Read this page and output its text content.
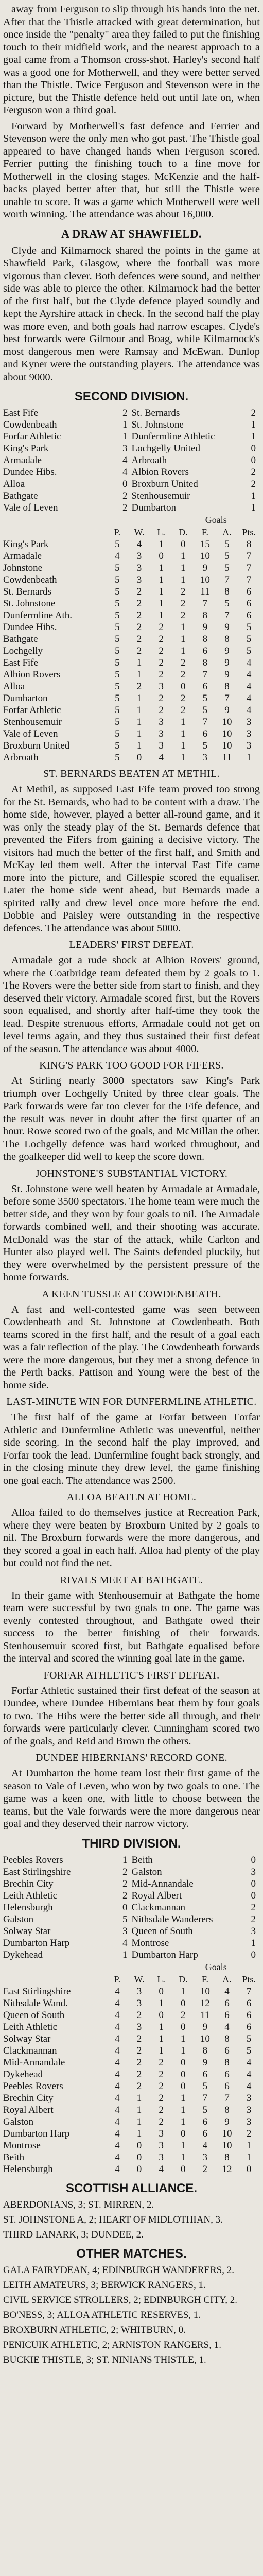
away from Ferguson to slip through his hands into the net. After that the Thistle attacked with great determination, but once inside the "penalty" area they failed to put the finishing touch to their midfield work, and the nearest approach to a goal came from a Thomson cross-shot. Harley's second half was a good one for Motherwell, and they were better served than the Thistle. Twice Ferguson and Stevenson were in the picture, but the Thistle defence held out until late on, when Ferguson won a third goal.

Forward by Motherwell's fast defence and Ferrier and Stevenson were the only men who got past. The Thistle goal appeared to have changed hands when Ferguson scored. Ferrier putting the finishing touch to a fine move for Motherwell in the closing stages. McKenzie and the half-backs played better after that, but still the Thistle were unable to score. It was a game which Motherwell were well worth winning. The attendance was about 16,000.

A DRAW AT SHAWFIELD.

Clyde and Kilmarnock shared the points in the game at Shawfield Park, Glasgow, where the football was more vigorous than clever. Both defences were sound, and neither side was able to pierce the other. Kilmarnock had the better of the first half, but the Clyde defence played soundly and kept the Ayrshire attack in check. In the second half the play was more even, and both goals had narrow escapes. Clyde's best forwards were Gilmour and Boag, while Kilmarnock's most dangerous men were Ramsay and McEwan. Dunlop and Kyner were the outstanding players. The attendance was about 9000.

SECOND DIVISION.
East Fife	2	St. Bernards	2
Cowdenbeath	1	St. Johnstone	1
Forfar Athletic	1	Dunfermline Athletic	1
King's Park	3	Lochgelly United	0
Armadale	4	Arbroath	0
Dundee Hibs.	4	Albion Rovers	2
Alloa	0	Broxburn United	2
Bathgate	2	Stenhousemuir	1
Vale of Leven	2	Dumbarton	1
					Goals		
	P.	W.	L.	D.	F.	A.	Pts.
King's Park	5	4	1	0	15	5	8
Armadale	4	3	0	1	10	5	7
Johnstone	5	3	1	1	9	5	7
Cowdenbeath	5	3	1	1	10	7	7
St. Bernards	5	2	1	2	11	8	6
St. Johnstone	5	2	1	2	7	5	6
Dunfermline Ath.	5	2	1	2	8	7	6
Dundee Hibs.	5	2	2	1	9	9	5
Bathgate	5	2	2	1	8	8	5
Lochgelly	5	2	2	1	6	9	5
East Fife	5	1	2	2	8	9	4
Albion Rovers	5	1	2	2	7	9	4
Alloa	5	2	3	0	6	8	4
Dumbarton	5	1	2	2	5	7	4
Forfar Athletic	5	1	2	2	5	9	4
Stenhousemuir	5	1	3	1	7	10	3
Vale of Leven	5	1	3	1	6	10	3
Broxburn United	5	1	3	1	5	10	3
Arbroath	5	0	4	1	3	11	1
ST. BERNARDS BEATEN AT METHIL.

At Methil, as supposed East Fife team proved too strong for the St. Bernards, who had to be content with a draw. The home side, however, played a better all-round game, and it was only the steady play of the St. Bernards defence that prevented the Fifers from gaining a decisive victory. The visitors had much the better of the first half, and Smith and McKay led them well. After the interval East Fife came more into the picture, and Gillespie scored the equaliser. Later the home side went ahead, but Bernards made a spirited rally and drew level once more before the end. Dobbie and Paisley were outstanding in the respective defences. The attendance was about 5000.

LEADERS' FIRST DEFEAT.

Armadale got a rude shock at Albion Rovers' ground, where the Coatbridge team defeated them by 2 goals to 1. The Rovers were the better side from start to finish, and they deserved their victory. Armadale scored first, but the Rovers soon equalised, and shortly after half-time they took the lead. Despite strenuous efforts, Armadale could not get on level terms again, and they thus sustained their first defeat of the season. The attendance was about 4000.

KING'S PARK TOO GOOD FOR FIFERS.

At Stirling nearly 3000 spectators saw King's Park triumph over Lochgelly United by three clear goals. The Park forwards were far too clever for the Fife defence, and the result was never in doubt after the first quarter of an hour. Rowe scored two of the goals, and McMillan the other. The Lochgelly defence was hard worked throughout, and the goalkeeper did well to keep the score down.

JOHNSTONE'S SUBSTANTIAL VICTORY.

St. Johnstone were well beaten by Armadale at Armadale, before some 3500 spectators. The home team were much the better side, and they won by four goals to nil. The Armadale forwards combined well, and their shooting was accurate. McDonald was the star of the attack, while Carlton and Hunter also played well. The Saints defended pluckily, but they were overwhelmed by the persistent pressure of the home forwards.

A KEEN TUSSLE AT COWDENBEATH.

A fast and well-contested game was seen between Cowdenbeath and St. Johnstone at Cowdenbeath. Both teams scored in the first half, and the result of a goal each was a fair reflection of the play. The Cowdenbeath forwards were the more dangerous, but they met a strong defence in the Perth backs. Pattison and Young were the best of the home side.

LAST-MINUTE WIN FOR DUNFERMLINE ATHLETIC.

The first half of the game at Forfar between Forfar Athletic and Dunfermline Athletic was uneventful, neither side scoring. In the second half the play improved, and Forfar took the lead. Dunfermline fought back strongly, and in the closing minute they drew level, the game finishing one goal each. The attendance was 2500.

ALLOA BEATEN AT HOME.

Alloa failed to do themselves justice at Recreation Park, where they were beaten by Broxburn United by 2 goals to nil. The Broxburn forwards were the more dangerous, and they scored a goal in each half. Alloa had plenty of the play but could not find the net.

RIVALS MEET AT BATHGATE.

In their game with Stenhousemuir at Bathgate the home team were successful by two goals to one. The game was evenly contested throughout, and Bathgate owed their success to the better finishing of their forwards. Stenhousemuir scored first, but Bathgate equalised before the interval and scored the winning goal late in the game.

FORFAR ATHLETIC'S FIRST DEFEAT.

Forfar Athletic sustained their first defeat of the season at Dundee, where Dundee Hibernians beat them by four goals to two. The Hibs were the better side all through, and their forwards were particularly clever. Cunningham scored two of the goals, and Reid and Brown the others.

DUNDEE HIBERNIANS' RECORD GONE.

At Dumbarton the home team lost their first game of the season to Vale of Leven, who won by two goals to one. The game was a keen one, with little to choose between the teams, but the Vale forwards were the more dangerous near goal and they deserved their narrow victory.

THIRD DIVISION.
Peebles Rovers	1	Beith	0
East Stirlingshire	2	Galston	3
Brechin City	2	Mid-Annandale	0
Leith Athletic	2	Royal Albert	0
Helensburgh	0	Clackmannan	2
Galston	5	Nithsdale Wanderers	2
Solway Star	3	Queen of South	3
Dumbarton Harp	4	Montrose	1
Dykehead	1	Dumbarton Harp	0
					Goals		
	P.	W.	L.	D.	F.	A.	Pts.
East Stirlingshire	4	3	0	1	10	4	7
Nithsdale Wand.	4	3	1	0	12	6	6
Queen of South	4	2	0	2	11	6	6
Leith Athletic	4	3	1	0	9	4	6
Solway Star	4	2	1	1	10	8	5
Clackmannan	4	2	1	1	8	6	5
Mid-Annandale	4	2	2	0	9	8	4
Dykehead	4	2	2	0	6	6	4
Peebles Rovers	4	2	2	0	5	6	4
Brechin City	4	1	2	1	7	7	3
Royal Albert	4	1	2	1	5	8	3
Galston	4	1	2	1	6	9	3
Dumbarton Harp	4	1	3	0	6	10	2
Montrose	4	0	3	1	4	10	1
Beith	4	0	3	1	3	8	1
Helensburgh	4	0	4	0	2	12	0
SCOTTISH ALLIANCE.

ABERDONIANS, 3; ST. MIRREN, 2.

ST. JOHNSTONE A, 2; HEART OF MIDLOTHIAN, 3.

THIRD LANARK, 3; DUNDEE, 2.

OTHER MATCHES.

GALA FAIRYDEAN, 4; EDINBURGH WANDERERS, 2.

LEITH AMATEURS, 3; BERWICK RANGERS, 1.

CIVIL SERVICE STROLLERS, 2; EDINBURGH CITY, 2.

BO'NESS, 3; ALLOA ATHLETIC RESERVES, 1.

BROXBURN ATHLETIC, 2; WHITBURN, 0.

PENICUIK ATHLETIC, 2; ARNISTON RANGERS, 1.

BUCKIE THISTLE, 3; ST. NINIANS THISTLE, 1.
